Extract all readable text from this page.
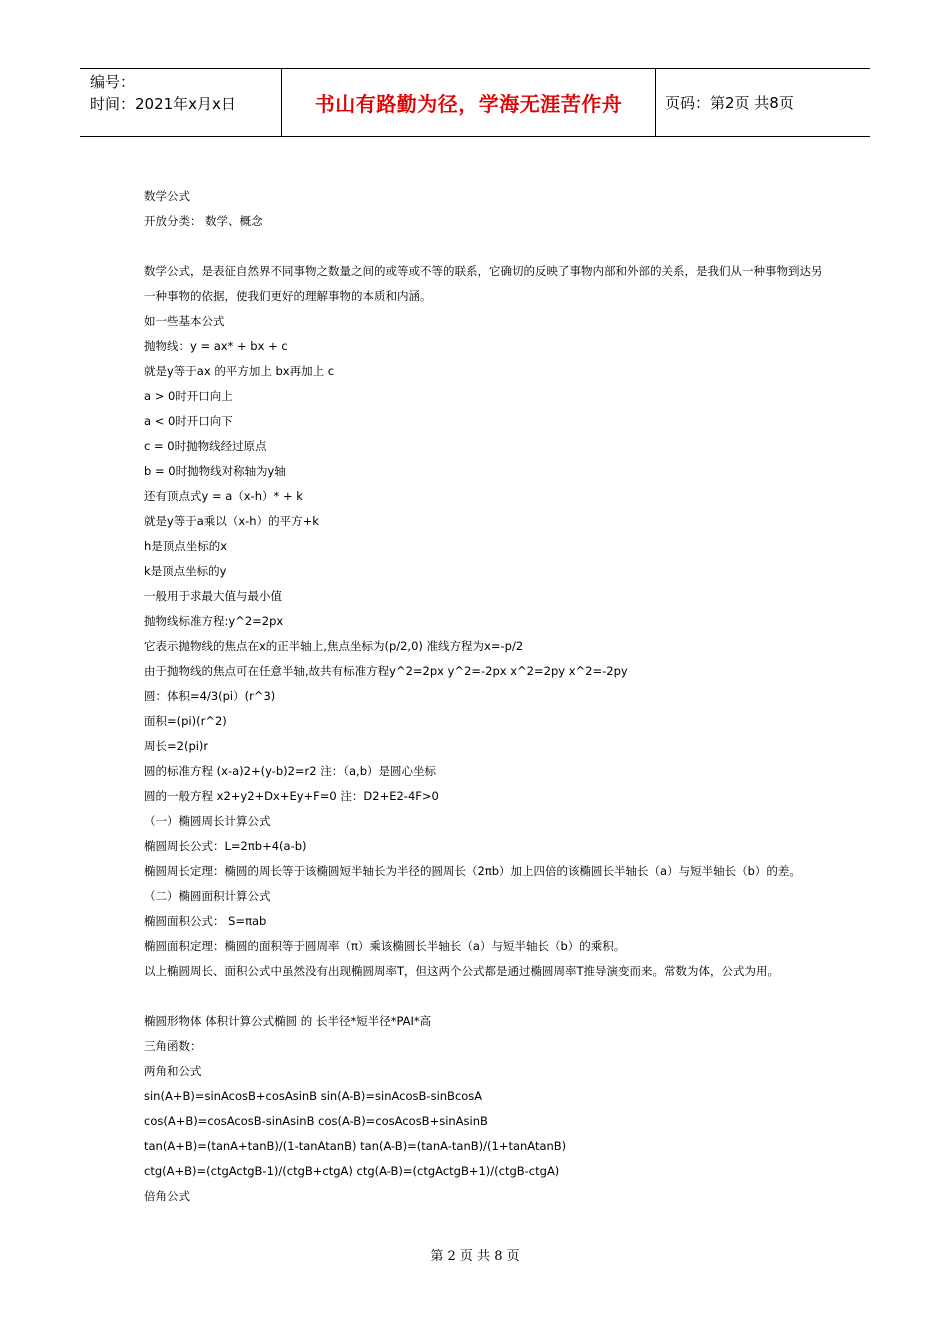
编号：
时间：2021年x月x日	书山有路勤为径，学海无涯苦作舟	页码：第2页 共8页

数学公式

开放分类： 数学、概念

数学公式，是表征自然界不同事物之数量之间的或等或不等的联系，它确切的反映了事物内部和外部的关系，是我们从一种事物到达另一种事物的依据，使我们更好的理解事物的本质和内涵。

如一些基本公式

抛物线：y = ax* + bx + c

就是y等于ax 的平方加上 bx再加上 c

a > 0时开口向上

a < 0时开口向下

c = 0时抛物线经过原点

b = 0时抛物线对称轴为y轴

还有顶点式y = a（x-h）* + k

就是y等于a乘以（x-h）的平方+k

h是顶点坐标的x

k是顶点坐标的y

一般用于求最大值与最小值

抛物线标准方程:y^2=2px

它表示抛物线的焦点在x的正半轴上,焦点坐标为(p/2,0) 准线方程为x=-p/2

由于抛物线的焦点可在任意半轴,故共有标准方程y^2=2px y^2=-2px x^2=2py x^2=-2py

圆：体积=4/3(pi）(r^3)

面积=(pi)(r^2)

周长=2(pi)r

圆的标准方程 (x-a)2+(y-b)2=r2 注：（a,b）是圆心坐标

圆的一般方程 x2+y2+Dx+Ey+F=0 注：D2+E2-4F>0

（一）椭圆周长计算公式

椭圆周长公式：L=2πb+4(a-b)

椭圆周长定理：椭圆的周长等于该椭圆短半轴长为半径的圆周长（2πb）加上四倍的该椭圆长半轴长（a）与短半轴长（b）的差。

（二）椭圆面积计算公式

椭圆面积公式： S=πab

椭圆面积定理：椭圆的面积等于圆周率（π）乘该椭圆长半轴长（a）与短半轴长（b）的乘积。

以上椭圆周长、面积公式中虽然没有出现椭圆周率T，但这两个公式都是通过椭圆周率T推导演变而来。常数为体，公式为用。

椭圆形物体 体积计算公式椭圆 的 长半径*短半径*PAI*高

三角函数：

两角和公式

sin(A+B)=sinAcosB+cosAsinB sin(A-B)=sinAcosB-sinBcosA

cos(A+B)=cosAcosB-sinAsinB cos(A-B)=cosAcosB+sinAsinB

tan(A+B)=(tanA+tanB)/(1-tanAtanB) tan(A-B)=(tanA-tanB)/(1+tanAtanB)

ctg(A+B)=(ctgActgB-1)/(ctgB+ctgA) ctg(A-B)=(ctgActgB+1)/(ctgB-ctgA)

倍角公式

第 2 页 共 8 页
